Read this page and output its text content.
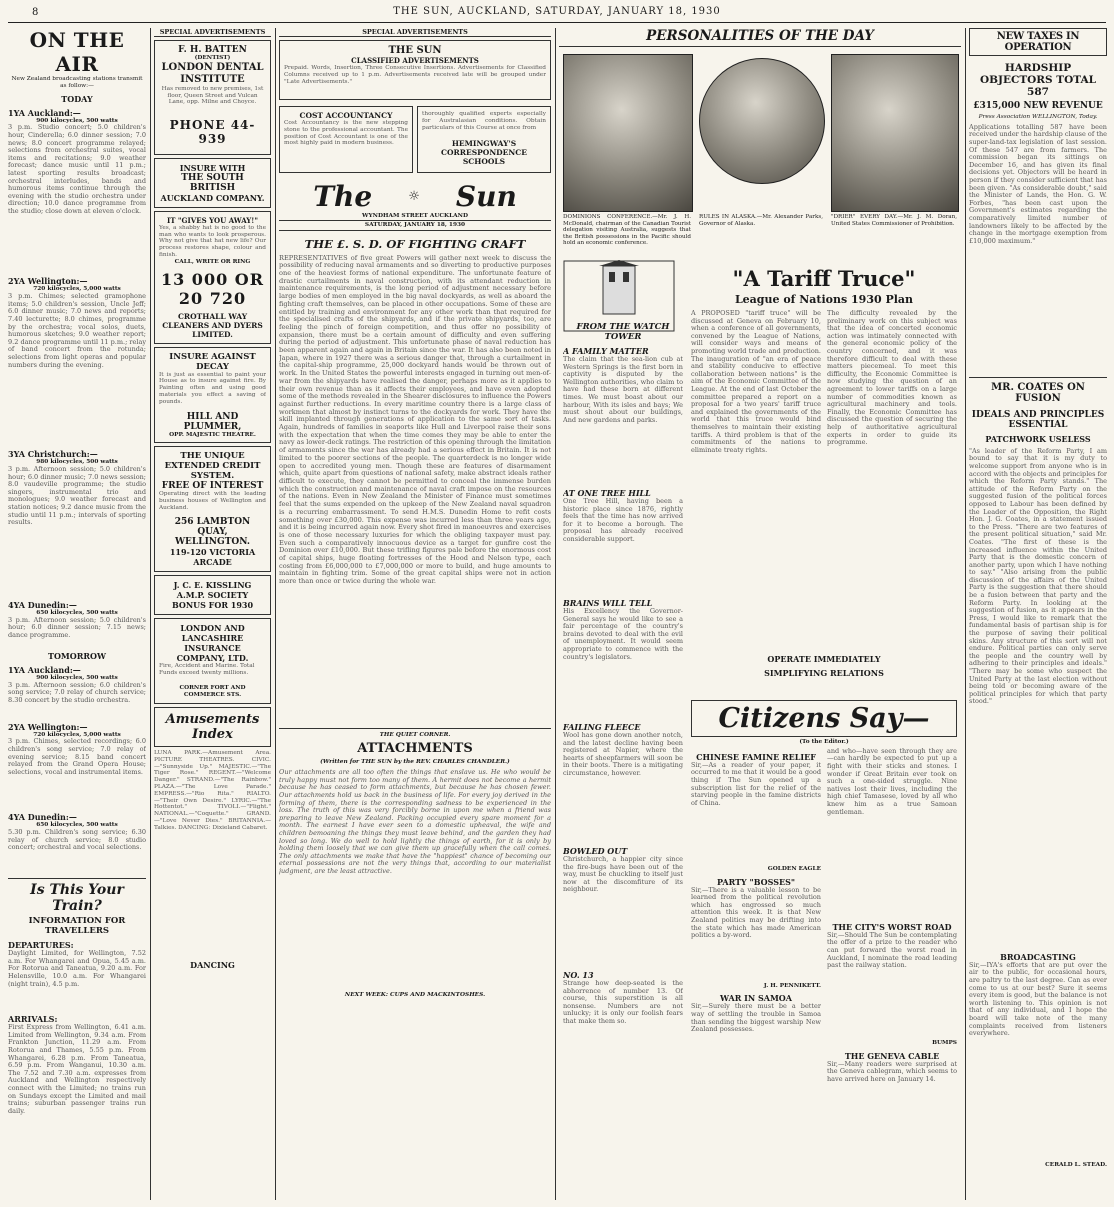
8	THE SUN, AUCKLAND, SATURDAY, JANUARY 18, 1930
ON THE AIR
New Zealand broadcasting stations transmit as follow:—
TODAY
1YA Auckland:—
900 kilocycles, 500 watts
3 p.m. Studio concert; 5.0 children's hour, Cinderella; 6.0 dinner session; 7.0 news; 8.0 concert programme relayed; selections from orchestral suites, vocal items and recitations; 9.0 weather forecast; dance music until 11 p.m.; latest sporting results broadcast; orchestral interludes, bands and humorous items continue through the evening with the studio orchestra under direction; 10.0 dance programme from the studio; close down at eleven o'clock.
2YA Wellington:—
720 kilocycles, 5,000 watts
3 p.m. Chimes; selected gramophone items; 5.0 children's session, Uncle Jeff; 6.0 dinner music; 7.0 news and reports; 7.40 lecturette; 8.0 chimes, programme by the orchestra; vocal solos, duets, humorous sketches; 9.0 weather report; 9.2 dance programme until 11 p.m.; relay of band concert from the rotunda; selections from light operas and popular numbers during the evening.
3YA Christchurch:—
980 kilocycles, 500 watts
3 p.m. Afternoon session; 5.0 children's hour; 6.0 dinner music; 7.0 news session; 8.0 vaudeville programme; the studio singers, instrumental trio and monologues; 9.0 weather forecast and station notices; 9.2 dance music from the studio until 11 p.m.; intervals of sporting results.
4YA Dunedin:—
650 kilocycles, 500 watts
3 p.m. Afternoon session; 5.0 children's hour; 6.0 dinner session; 7.15 news; dance programme.
TOMORROW
1YA Auckland:—
900 kilocycles, 500 watts
3 p.m. Afternoon session; 6.0 children's song service; 7.0 relay of church service; 8.30 concert by the studio orchestra.
2YA Wellington:—
720 kilocycles, 5,000 watts
3 p.m. Chimes, selected recordings; 6.0 children's song service; 7.0 relay of evening service; 8.15 band concert relayed from the Grand Opera House; selections, vocal and instrumental items.
4YA Dunedin:—
650 kilocycles, 500 watts
5.30 p.m. Children's song service; 6.30 relay of church service; 8.0 studio concert; orchestral and vocal selections.
Is This Your Train?
INFORMATION FOR TRAVELLERS
DEPARTURES:
Daylight Limited, for Wellington, 7.52 a.m. For Whangarei and Opua, 5.45 a.m. For Rotorua and Taneatua, 9.20 a.m. For Helensville, 10.0 a.m. For Whangarei (night train), 4.5 p.m.
ARRIVALS:
First Express from Wellington, 6.41 a.m. Limited from Wellington, 9.34 a.m. From Frankton Junction, 11.29 a.m. From Rotorua and Thames, 5.55 p.m. From Whangarei, 6.28 p.m. From Taneatua, 6.59 p.m. From Wanganui, 10.30 a.m. The 7.52 and 7.30 a.m. expresses from Auckland and Wellington respectively connect with the Limited; no trains run on Sundays except the Limited and mail trains; suburban passenger trains run daily.
SPECIAL ADVERTISEMENTS
F. H. BATTEN
(DENTIST)
LONDON DENTAL INSTITUTE
Has removed to new premises, 1st floor, Queen Street and Vulcan Lane, opp. Milne and Choyce.
PHONE 44-939
INSURE WITH
THE SOUTH BRITISH
AUCKLAND COMPANY.
IT "GIVES YOU AWAY!"
Yes, a shabby hat is no good to the man who wants to look prosperous. Why not give that hat new life? Our process restores shape, colour and finish.
CALL, WRITE OR RING
13 000 OR 20 720
CROTHALL WAY CLEANERS AND DYERS LIMITED.
INSURE AGAINST DECAY
It is just as essential to paint your House as to insure against fire. By Painting often and using good materials you effect a saving of pounds.
HILL AND PLUMMER,
OPP. MAJESTIC THEATRE.
THE UNIQUE EXTENDED CREDIT SYSTEM.
FREE OF INTEREST
Operating direct with the leading business houses of Wellington and Auckland.
256 LAMBTON QUAY, WELLINGTON.
119-120 VICTORIA ARCADE
J. C. E. KISSLING
A.M.P. SOCIETY
BONUS FOR 1930
LONDON AND LANCASHIRE INSURANCE COMPANY, LTD.
Fire, Accident and Marine. Total Funds exceed twenty millions.
CORNER FORT AND COMMERCE STS.
Amusements Index
LUNA PARK.—Amusement Area. PICTURE THEATRES. CIVIC.—"Sunnyside Up." MAJESTIC.—"The Tiger Rose." REGENT.—"Welcome Danger." STRAND.—"The Rainbow." PLAZA.—"The Love Parade." EMPRESS.—"Rio Rita." RIALTO.—"Their Own Desire." LYRIC.—"The Hottentot." TIVOLI.—"Flight." NATIONAL.—"Coquette." GRAND.—"Love Never Dies." BRITANNIA.—Talkies. DANCING: Dixieland Cabaret.
DANCING
SPECIAL ADVERTISEMENTS
THE SUN
CLASSIFIED ADVERTISEMENTS
Prepaid. Words, Insertion, Three Consecutive Insertions. Advertisements for Classified Columns received up to 1 p.m. Advertisements received late will be grouped under "Late Advertisements."
COST ACCOUNTANCY
Cost Accountancy is the new stepping stone to the professional accountant. The position of Cost Accountant is one of the most highly paid in modern business.
thoroughly qualified experts especially for Australasian conditions. Obtain particulars of this Course at once from
HEMINGWAY'S CORRESPONDENCE SCHOOLS
The	☼ Sun
WYNDHAM STREET AUCKLAND
SATURDAY, JANUARY 18, 1930
THE £. S. D. OF FIGHTING CRAFT
REPRESENTATIVES of five great Powers will gather next week to discuss the possibility of reducing naval armaments and so diverting to productive purposes one of the heaviest forms of national expenditure. The unfortunate feature of drastic curtailments in naval construction, with its attendant reduction in maintenance requirements, is the long period of adjustment necessary before large bodies of men employed in the big naval dockyards, as well as aboard the fighting craft themselves, can be placed in other occupations. Some of these are entitled by training and environment for any other work than that required for the specialised crafts of the shipyards, and if the private shipyards, too, are feeling the pinch of foreign competition, and thus offer no possibility of expansion, there must be a certain amount of difficulty and even suffering during the period of adjustment. This unfortunate phase of naval reduction has been apparent again and again in Britain since the war. It has also been noted in Japan, where in 1927 there was a serious danger that, through a curtailment in the capital-ship programme, 25,000 dockyard hands would be thrown out of work. In the United States the powerful interests engaged in turning out men-of-war from the shipyards have realised the danger, perhaps more as it applies to their own revenue than as it affects their employees, and have even adopted some of the methods revealed in the Shearer disclosures to influence the Powers against further reductions. In every maritime country there is a large class of workmen that almost by instinct turns to the dockyards for work. They have the skill implanted through generations of application to the same sort of tasks. Again, hundreds of families in seaports like Hull and Liverpool raise their sons with the expectation that when the time comes they may be able to enter the navy as lower-deck ratings. The restriction of this opening through the limitation of armaments since the war has already had a serious effect in Britain. It is not limited to the poorer sections of the people. The quarterdeck is no longer wide open to accredited young men. Though these are features of disarmament which, quite apart from questions of national safety, make abstract ideals rather difficult to execute, they cannot be permitted to conceal the immense burden which the construction and maintenance of naval craft impose on the resources of the nations. Even in New Zealand the Minister of Finance must sometimes feel that the sums expended on the upkeep of the New Zealand naval squadron is a recurring embarrassment. To send H.M.S. Dunedin Home to refit costs something over £30,000. This expense was incurred less than three years ago, and it is being incurred again now. Every shot fired in manoeuvres and exercises is one of those necessary luxuries for which the obliging taxpayer must pay. Even such a comparatively innocuous device as a target for gunfire cost the Dominion over £10,000. But these trifling figures pale before the enormous cost of capital ships, huge floating fortresses of the Hood and Nelson type, each costing from £6,000,000 to £7,000,000 or more to build, and huge amounts to maintain in fighting trim. Some of the great capital ships were not in action more than once or twice during the whole war.
THE QUIET CORNER.
ATTACHMENTS
(Written for THE SUN by the REV. CHARLES CHANDLER.)
Our attachments are all too often the things that enslave us. He who would be truly happy must not form too many of them. A hermit does not become a hermit because he has ceased to form attachments, but because he has chosen fewer. Our attachments hold us back in the business of life. For every joy derived in the forming of them, there is the corresponding sadness to be experienced in the loss. The truth of this was very forcibly borne in upon me when a friend was preparing to leave New Zealand. Packing occupied every spare moment for a month. The earnest I have ever seen to a domestic upheaval, the wife and children bemoaning the things they must leave behind, and the garden they had loved so long. We do well to hold lightly the things of earth, for it is only by holding them loosely that we can give them up gracefully when the call comes. The only attachments we make that have the "happiest" chance of becoming our eternal possessions are not the very things that, according to our materialist judgment, are the least attractive.
NEXT WEEK: CUPS AND MACKINTOSHES.
PERSONALITIES OF THE DAY
DOMINIONS CONFERENCE.—Mr. J. H. McDonald, chairman of the Canadian Tourist delegation visiting Australia, suggests that the British possessions in the Pacific should hold an economic conference.
RULES IN ALASKA.—Mr. Alexander Parks, Governor of Alaska.
"DRIER" EVERY DAY.—Mr. J. M. Doran, United States Commissioner of Prohibition.
FROM THE WATCH TOWER
A FAMILY MATTER
The claim that the sea-lion cub at Western Springs is the first born in captivity is disputed by the Wellington authorities, who claim to have had these born at different times. We must boast about our harbour, With its isles and bays; We must shout about our buildings, And new gardens and parks.
AT ONE TREE HILL
One Tree Hill, having been a historic place since 1876, rightly feels that the time has now arrived for it to become a borough. The proposal has already received considerable support.
BRAINS WILL TELL
His Excellency the Governor-General says he would like to see a fair percentage of the country's brains devoted to deal with the evil of unemployment. It would seem appropriate to commence with the country's legislators.
FAILING FLEECE
Wool has gone down another notch, and the latest decline having been registered at Napier, where the hearts of sheepfarmers will soon be in their boots. There is a mitigating circumstance, however.
BOWLED OUT
Christchurch, a happier city since the fire-bugs have been out of the way, must be chuckling to itself just now at the discomfiture of its neighbour.
NO. 13
Strange how deep-seated is the abhorrence of number 13. Of course, this superstition is all nonsense. Numbers are not unlucky; it is only our foolish fears that make them so.
"A Tariff Truce"
League of Nations 1930 Plan
A PROPOSED "tariff truce" will be discussed at Geneva on February 10, when a conference of all governments, convened by the League of Nations, will consider ways and means of promoting world trade and production. The inauguration of "an era of peace and stability conducive to effective collaboration between nations" is the aim of the Economic Committee of the League. At the end of last October the committee prepared a report on a proposal for a two years' tariff truce and explained the governments of the world that this truce would bind themselves to maintain their existing tariffs. A third problem is that of the commitments of the nations to eliminate treaty rights.
The difficulty revealed by the preliminary work on this subject was that the idea of concerted economic action was intimately connected with the general economic policy of the country concerned, and it was therefore difficult to deal with these matters piecemeal. To meet this difficulty, the Economic Committee is now studying the question of an agreement to lower tariffs on a large number of commodities known as agricultural machinery and tools. Finally, the Economic Committee has discussed the question of securing the help of authoritative agricultural experts in order to guide its programme.
OPERATE IMMEDIATELY
SIMPLIFYING RELATIONS
Citizens Say—
(To the Editor.)
CHINESE FAMINE RELIEF
Sir,—As a reader of your paper, it occurred to me that it would be a good thing if The Sun opened up a subscription list for the relief of the starving people in the famine districts of China.
GOLDEN EAGLE
PARTY "BOSSES"
Sir,—There is a valuable lesson to be learned from the political revolution which has engrossed so much attention this week. It is that New Zealand politics may be drifting into the state which has made American politics a by-word.
J. H. PENNIKETT.
WAR IN SAMOA
Sir,—Surely there must be a better way of settling the trouble in Samoa than sending the biggest warship New Zealand possesses.
and who—have seen through they are —can hardly be expected to put up a fight with their sticks and stones. I wonder if Great Britain ever took on such a one-sided struggle. Nine natives lost their lives, including the high chief Tamasese, loved by all who knew him as a true Samoan gentleman.
THE CITY'S WORST ROAD
Sir,—Should The Sun be contemplating the offer of a prize to the reader who can put forward the worst road in Auckland, I nominate the road leading past the railway station.
BUMPS
THE GENEVA CABLE
Sir,—Many readers were surprised at the Geneva cablegram, which seems to have arrived here on January 14.
NEW TAXES IN OPERATION
HARDSHIP OBJECTORS TOTAL 587
£315,000 NEW REVENUE
Press Association WELLINGTON, Today.
Applications totalling 587 have been received under the hardship clause of the super-land-tax legislation of last session. Of these 547 are from farmers. The commission began its sittings on December 16, and has given its final decisions yet. Objectors will be heard in person if they consider sufficient that has been given. "As considerable doubt," said the Minister of Lands, the Hon. G. W. Forbes, "has been cast upon the Government's estimates regarding the comparatively limited number of landowners likely to be affected by the change in the mortgage exemption from £10,000 maximum."
MR. COATES ON FUSION
IDEALS AND PRINCIPLES ESSENTIAL
PATCHWORK USELESS
"As leader of the Reform Party, I am bound to say that it is my duty to welcome support from anyone who is in accord with the objects and principles for which the Reform Party stands." The attitude of the Reform Party on the suggested fusion of the political forces opposed to Labour has been defined by the Leader of the Opposition, the Right Hon. J. G. Coates, in a statement issued to the Press. "There are two features of the present political situation," said Mr. Coates. "The first of these is the increased influence within the United Party that is the domestic concern of another party, upon which I have nothing to say." "Also arising from the public discussion of the affairs of the United Party is the suggestion that there should be a fusion between that party and the Reform Party. In looking at the suggestion of fusion, as it appears in the Press, I would like to remark that the fundamental basis of partisan ship is for the purpose of saving their political skins. Any structure of this sort will not endure. Political parties can only serve the people and the country well by adhering to their principles and ideals." "There may be some who suspect the United Party at the last election without being told or becoming aware of the political principles for which that party stood."
BROADCASTING
Sir,—IYA's efforts that are put over the air to the public, for occasional hours, are paltry to the last degree. Can as ever come to us at our best? Sure it seems every item is good, but the balance is not worth listening to. This opinion is not that of any individual, and I hope the board will take note of the many complaints received from listeners everywhere.
CERALD L. STEAD.
